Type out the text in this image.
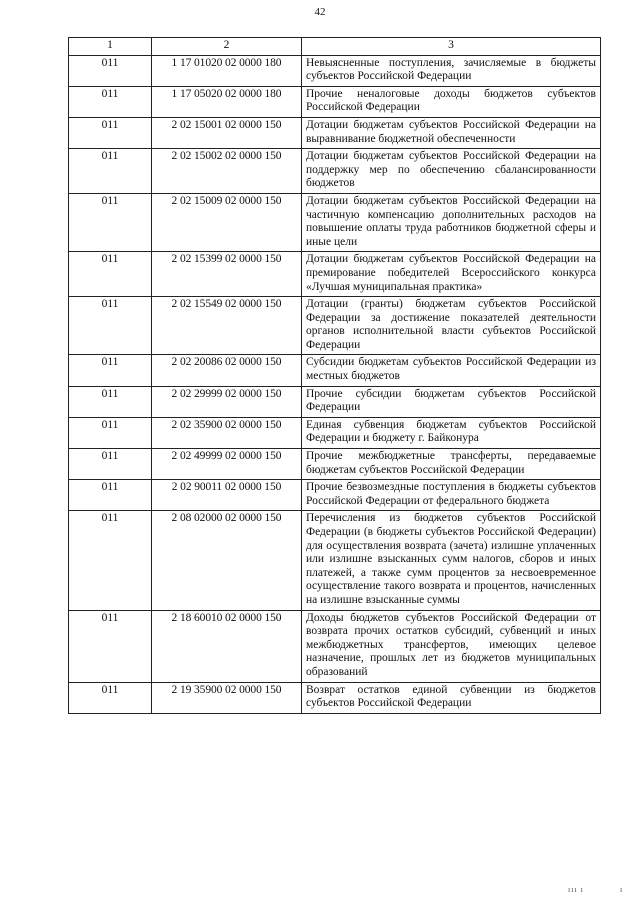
42
1	2	3
011	1 17 01020 02 0000 180	Невыясненные поступления, зачисляемые в бюджеты субъектов Российской Федерации
011	1 17 05020 02 0000 180	Прочие неналоговые доходы бюджетов субъектов Российской Федерации
011	2 02 15001 02 0000 150	Дотации бюджетам субъектов Российской Федерации на выравнивание бюджетной обеспеченности
011	2 02 15002 02 0000 150	Дотации бюджетам субъектов Российской Федерации на поддержку мер по обеспечению сбалансированности бюджетов
011	2 02 15009 02 0000 150	Дотации бюджетам субъектов Российской Федерации на частичную компенсацию дополнительных расходов на повышение оплаты труда работников бюджетной сферы и иные цели
011	2 02 15399 02 0000 150	Дотации бюджетам субъектов Российской Федерации на премирование победителей Всероссийского конкурса «Лучшая муниципальная практика»
011	2 02 15549 02 0000 150	Дотации (гранты) бюджетам субъектов Российской Федерации за достижение показателей деятельности органов исполнительной власти субъектов Российской Федерации
011	2 02 20086 02 0000 150	Субсидии бюджетам субъектов Российской Федерации из местных бюджетов
011	2 02 29999 02 0000 150	Прочие субсидии бюджетам субъектов Российской Федерации
011	2 02 35900 02 0000 150	Единая субвенция бюджетам субъектов Российской Федерации и бюджету г. Байконура
011	2 02 49999 02 0000 150	Прочие межбюджетные трансферты, передаваемые бюджетам субъектов Российской Федерации
011	2 02 90011 02 0000 150	Прочие безвозмездные поступления в бюджеты субъектов Российской Федерации от федерального бюджета
011	2 08 02000 02 0000 150	Перечисления из бюджетов субъектов Российской Федерации (в бюджеты субъектов Российской Федерации) для осуществления возврата (зачета) излишне уплаченных или излишне взысканных сумм налогов, сборов и иных платежей, а также сумм процентов за несвоевременное осуществление такого возврата и процентов, начисленных на излишне взысканные суммы
011	2 18 60010 02 0000 150	Доходы бюджетов субъектов Российской Федерации от возврата прочих остатков субсидий, субвенций и иных межбюджетных трансфертов, имеющих целевое назначение, прошлых лет из бюджетов муниципальных образований
011	2 19 35900 02 0000 150	Возврат остатков единой субвенции из бюджетов субъектов Российской Федерации
ııı ı	ı
